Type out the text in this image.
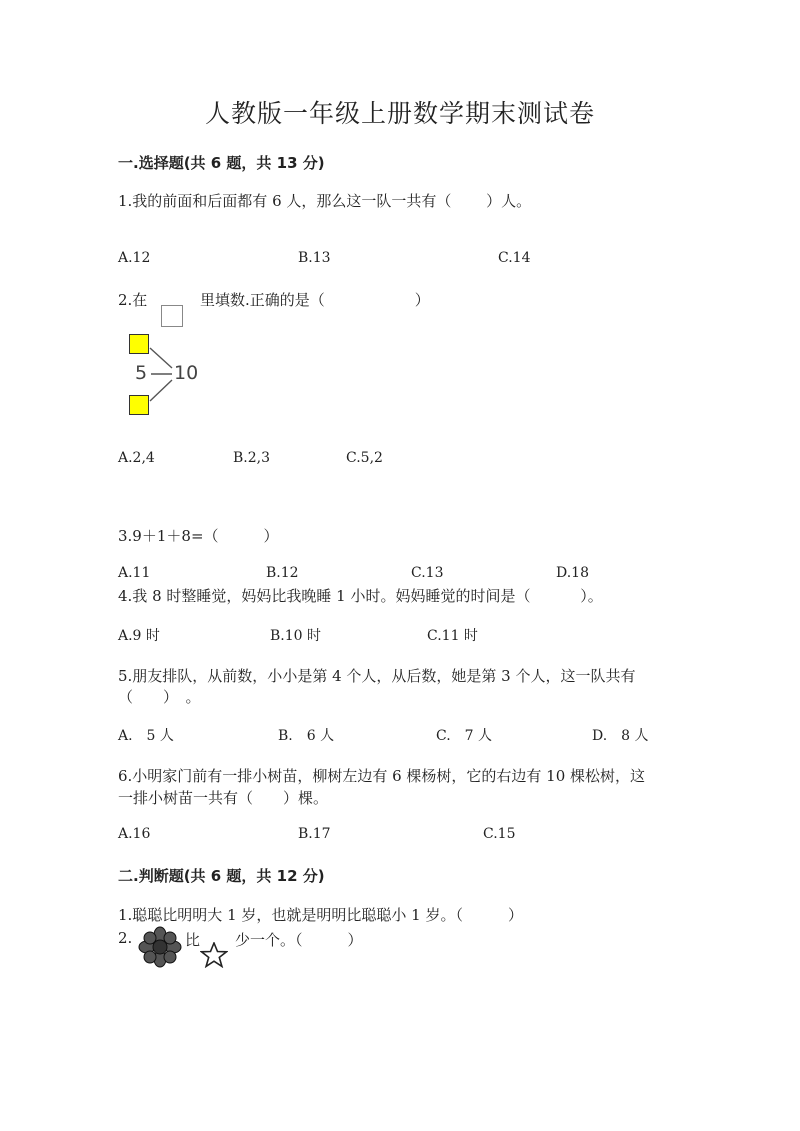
人教版一年级上册数学期末测试卷
一.选择题(共 6 题，共 13 分)
1.我的前面和后面都有 6 人，那么这一队一共有（　　 ）人。
A.12	B.13	C.14
2.在	里填数.正确的是（　　　　　　）
5 10
A.2,4	B.2,3	C.5,2
3.9＋1＋8=（　　　）
A.11	B.12	C.13	D.18
4.我 8 时整睡觉，妈妈比我晚睡 1 小时。妈妈睡觉的时间是（　　　 ）。
A.9 时	B.10 时	C.11 时
5.朋友排队，从前数，小小是第 4 个人，从后数，她是第 3 个人，这一队共有
（　　）　。
A.　5 人	B.　6 人	C.　7 人	D.　8 人
6.小明家门前有一排小树苗，柳树左边有 6 棵杨树，它的右边有 10 棵松树，这
一排小树苗一共有（　　）棵。
A.16	B.17	C.15
二.判断题(共 6 题，共 12 分)
1.聪聪比明明大 1 岁，也就是明明比聪聪小 1 岁。（　　　）
2.	比 少一个。（　　　）
